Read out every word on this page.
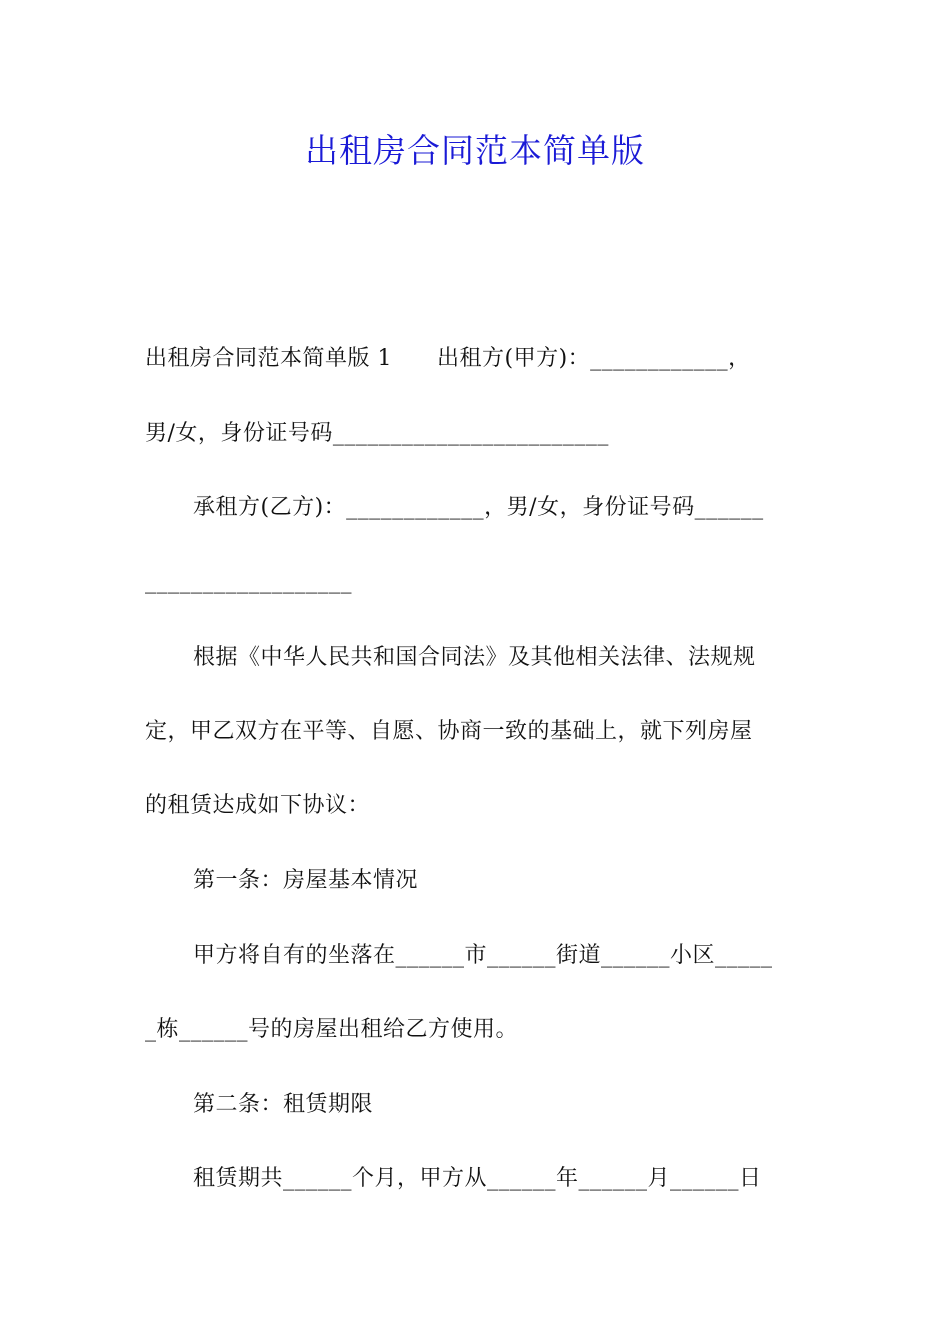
出租房合同范本简单版
出租房合同范本简单版 1　　出租方(甲方)：____________，
男/女，身份证号码________________________
承租方(乙方)：____________，男/女，身份证号码______
__________________
根据《中华人民共和国合同法》及其他相关法律、法规规
定，甲乙双方在平等、自愿、协商一致的基础上，就下列房屋
的租赁达成如下协议：
第一条：房屋基本情况
甲方将自有的坐落在______市______街道______小区_____
_栋______号的房屋出租给乙方使用。
第二条：租赁期限
租赁期共______个月，甲方从______年______月______日
